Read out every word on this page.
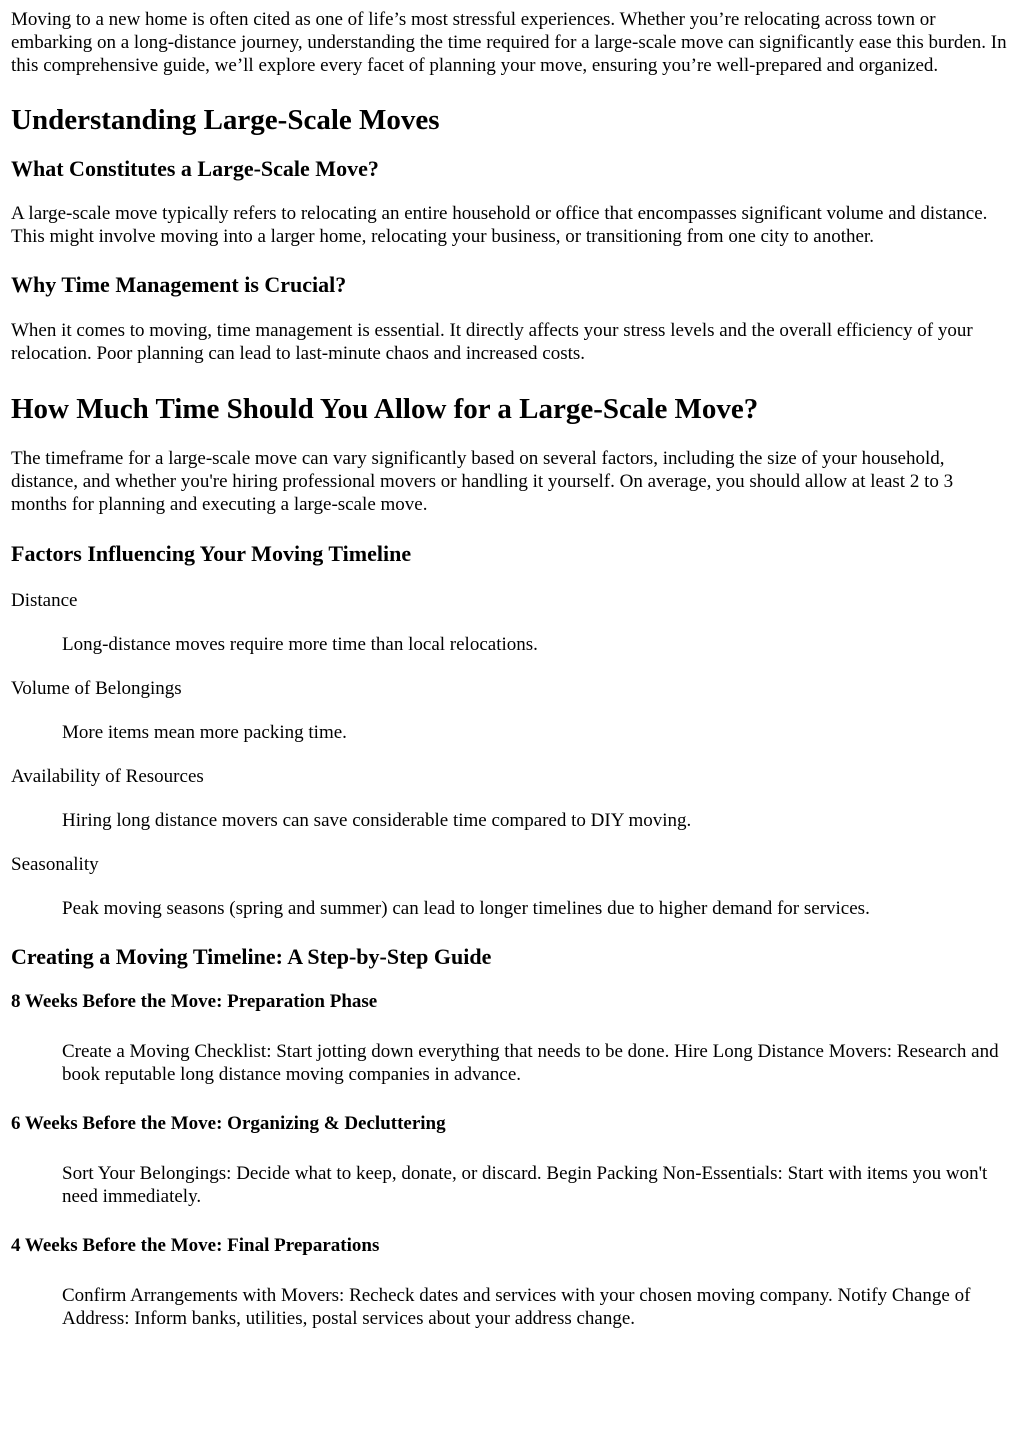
Moving to a new home is often cited as one of life’s most stressful experiences. Whether you’re relocating across town or embarking on a long-distance journey, understanding the time required for a large-scale move can significantly ease this burden. In this comprehensive guide, we’ll explore every facet of planning your move, ensuring you’re well-prepared and organized.

Understanding Large-Scale Moves
What Constitutes a Large-Scale Move?

A large-scale move typically refers to relocating an entire household or office that encompasses significant volume and distance. This might involve moving into a larger home, relocating your business, or transitioning from one city to another.

Why Time Management is Crucial?

When it comes to moving, time management is essential. It directly affects your stress levels and the overall efficiency of your relocation. Poor planning can lead to last-minute chaos and increased costs.

How Much Time Should You Allow for a Large-Scale Move?

The timeframe for a large-scale move can vary significantly based on several factors, including the size of your household, distance, and whether you're hiring professional movers or handling it yourself. On average, you should allow at least 2 to 3 months for planning and executing a large-scale move.

Factors Influencing Your Moving Timeline
Distance
Long-distance moves require more time than local relocations.
Volume of Belongings
More items mean more packing time.
Availability of Resources
Hiring long distance movers can save considerable time compared to DIY moving.
Seasonality
Peak moving seasons (spring and summer) can lead to longer timelines due to higher demand for services.
Creating a Moving Timeline: A Step-by-Step Guide
8 Weeks Before the Move: Preparation Phase

Create a Moving Checklist: Start jotting down everything that needs to be done. Hire Long Distance Movers: Research and book reputable long distance moving companies in advance.

6 Weeks Before the Move: Organizing & Decluttering

Sort Your Belongings: Decide what to keep, donate, or discard. Begin Packing Non-Essentials: Start with items you won't need immediately.

4 Weeks Before the Move: Final Preparations

Confirm Arrangements with Movers: Recheck dates and services with your chosen moving company. Notify Change of Address: Inform banks, utilities, postal services about your address change.
